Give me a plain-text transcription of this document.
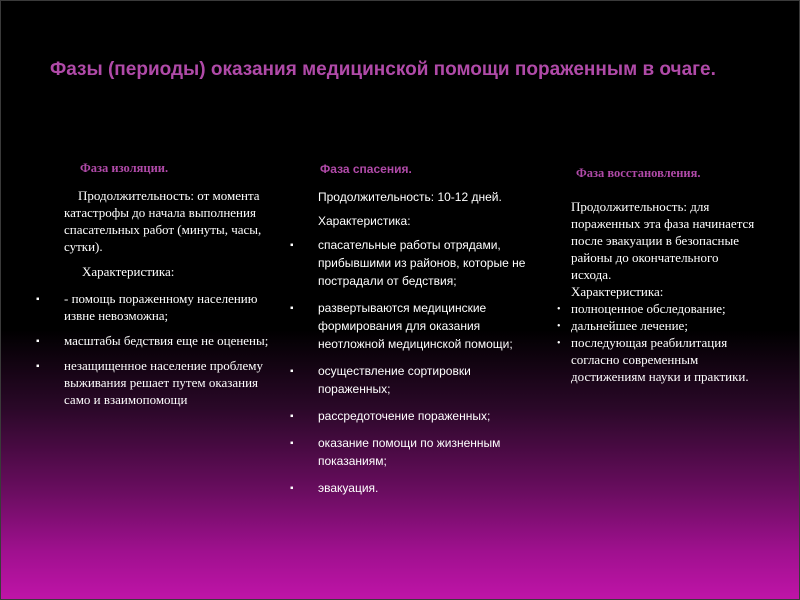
Фазы (периоды) оказания медицинской помощи пораженным в очаге.

Фаза изоляции.

Продолжительность: от момента катастрофы до начала выполнения спасательных работ (минуты, часы, сутки).

Характеристика:

▪ - помощь пораженному населению извне невозможна;
▪ масштабы бедствия еще не оценены;
▪ незащищенное население проблему выживания решает путем оказания само и взаимопомощи

Фаза спасения.

Продолжительность: 10-12 дней.

Характеристика:

▪ спасательные работы отрядами, прибывшими из районов, которые не пострадали от бедствия;
▪ развертываются медицинские формирования для оказания неотложной медицинской помощи;
▪ осуществление сортировки пораженных;
▪ рассредоточение пораженных;
▪ оказание помощи по жизненным показаниям;
▪ эвакуация.

Фаза восстановления.

Продолжительность: для пораженных эта фаза начинается после эвакуации в безопасные районы до окончательного исхода.

Характеристика:

• полноценное обследование;
• дальнейшее лечение;
• последующая реабилитация согласно современным достижениям науки и практики.
